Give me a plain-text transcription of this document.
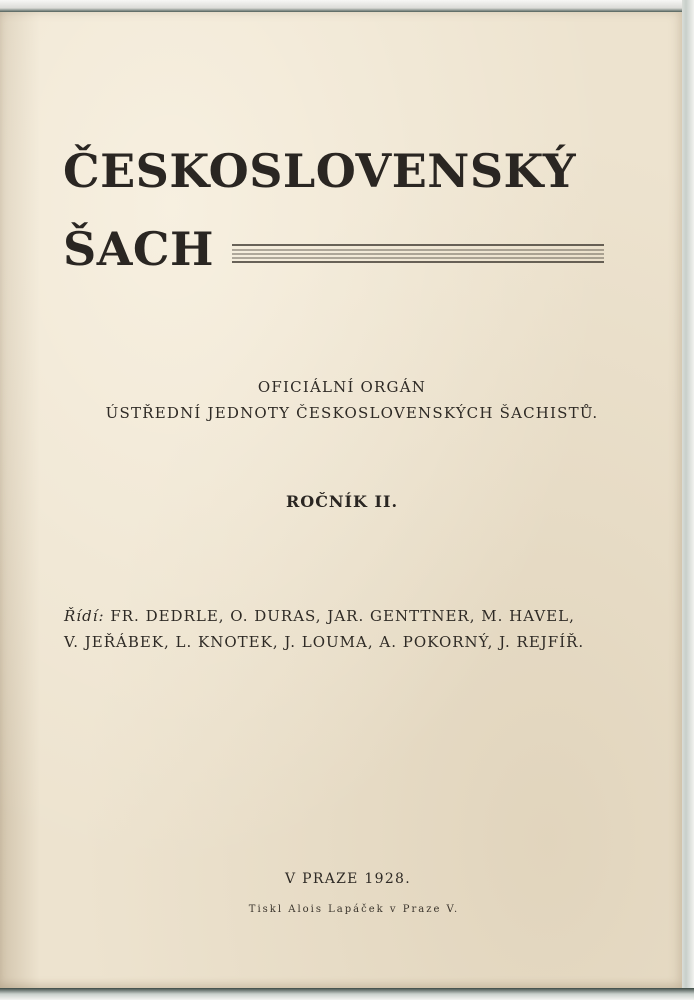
ČESKOSLOVENSKÝ
ŠACH
OFICIÁLNÍ ORGÁN
ÚSTŘEDNÍ JEDNOTY ČESKOSLOVENSKÝCH ŠACHISTŮ.
ROČNÍK II.
Řídí: FR. DEDRLE, O. DURAS, JAR. GENTTNER, M. HAVEL,
V. JEŘÁBEK, L. KNOTEK, J. LOUMA, A. POKORNÝ, J. REJFÍŘ.
V PRAZE 1928.
Tiskl Alois Lapáček v Praze V.
